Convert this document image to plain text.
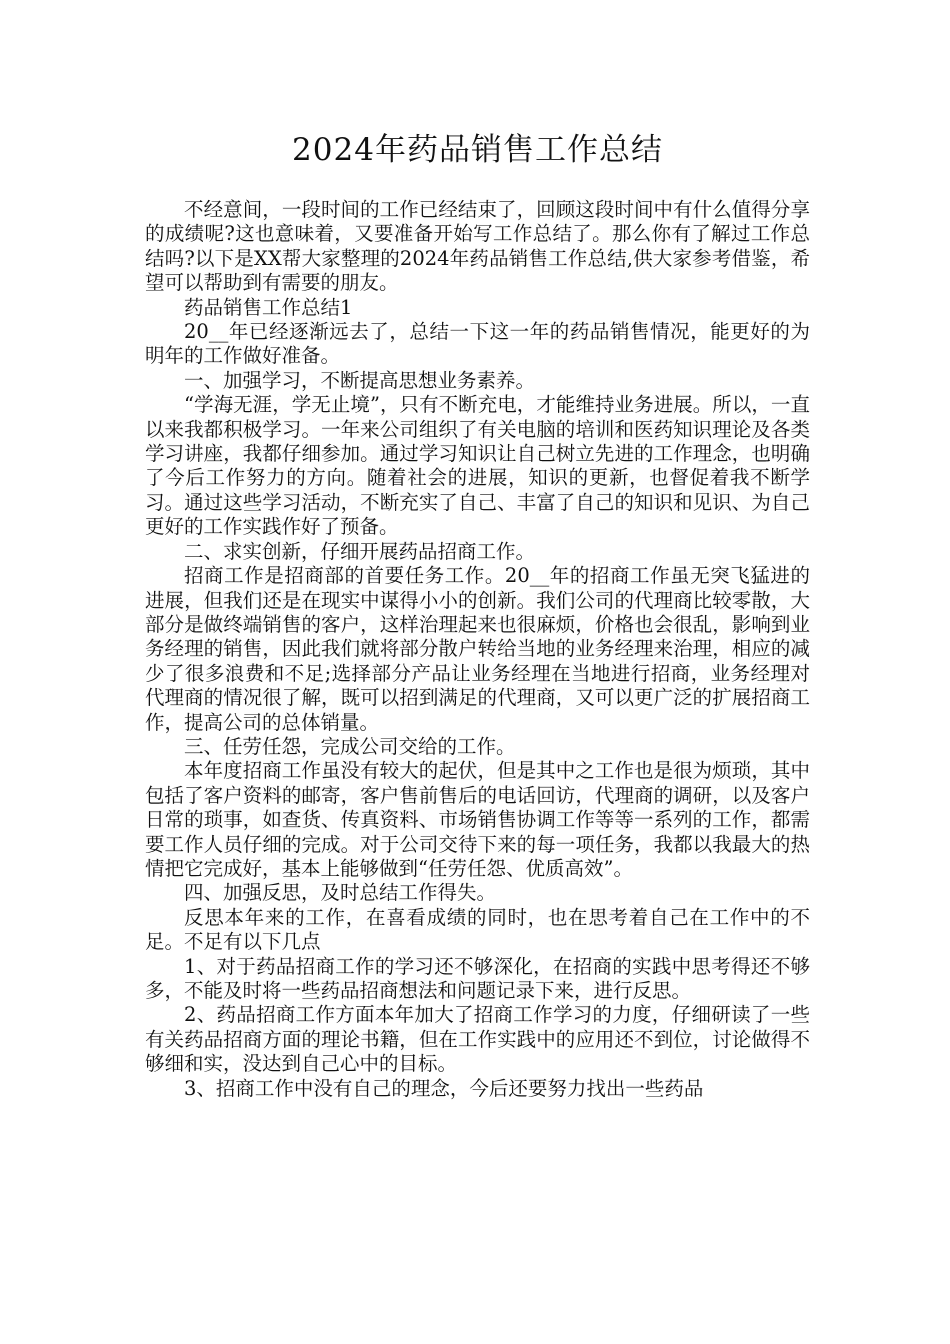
2024年药品销售工作总结

不经意间，一段时间的工作已经结束了，回顾这段时间中有什么值得分享的成绩呢?这也意味着，又要准备开始写工作总结了。那么你有了解过工作总结吗?以下是XX帮大家整理的2024年药品销售工作总结,供大家参考借鉴，希望可以帮助到有需要的朋友。

药品销售工作总结1

20__年已经逐渐远去了，总结一下这一年的药品销售情况，能更好的为明年的工作做好准备。

一、加强学习，不断提高思想业务素养。

“学海无涯，学无止境”，只有不断充电，才能维持业务进展。所以，一直以来我都积极学习。一年来公司组织了有关电脑的培训和医药知识理论及各类学习讲座，我都仔细参加。通过学习知识让自己树立先进的工作理念，也明确了今后工作努力的方向。随着社会的进展，知识的更新，也督促着我不断学习。通过这些学习活动，不断充实了自己、丰富了自己的知识和见识、为自己更好的工作实践作好了预备。

二、求实创新，仔细开展药品招商工作。

招商工作是招商部的首要任务工作。20__年的招商工作虽无突飞猛进的进展，但我们还是在现实中谋得小小的创新。我们公司的代理商比较零散，大部分是做终端销售的客户，这样治理起来也很麻烦，价格也会很乱，影响到业务经理的销售，因此我们就将部分散户转给当地的业务经理来治理，相应的减少了很多浪费和不足;选择部分产品让业务经理在当地进行招商，业务经理对代理商的情况很了解，既可以招到满足的代理商，又可以更广泛的扩展招商工作，提高公司的总体销量。

三、任劳任怨，完成公司交给的工作。

本年度招商工作虽没有较大的起伏，但是其中之工作也是很为烦琐，其中包括了客户资料的邮寄，客户售前售后的电话回访，代理商的调研，以及客户日常的琐事，如查货、传真资料、市场销售协调工作等等一系列的工作，都需要工作人员仔细的完成。对于公司交待下来的每一项任务，我都以我最大的热情把它完成好，基本上能够做到“任劳任怨、优质高效”。

四、加强反思，及时总结工作得失。

反思本年来的工作，在喜看成绩的同时，也在思考着自己在工作中的不足。不足有以下几点

1、对于药品招商工作的学习还不够深化，在招商的实践中思考得还不够多，不能及时将一些药品招商想法和问题记录下来，进行反思。

2、药品招商工作方面本年加大了招商工作学习的力度，仔细研读了一些有关药品招商方面的理论书籍，但在工作实践中的应用还不到位，讨论做得不够细和实，没达到自己心中的目标。

3、招商工作中没有自己的理念，今后还要努力找出一些药品
